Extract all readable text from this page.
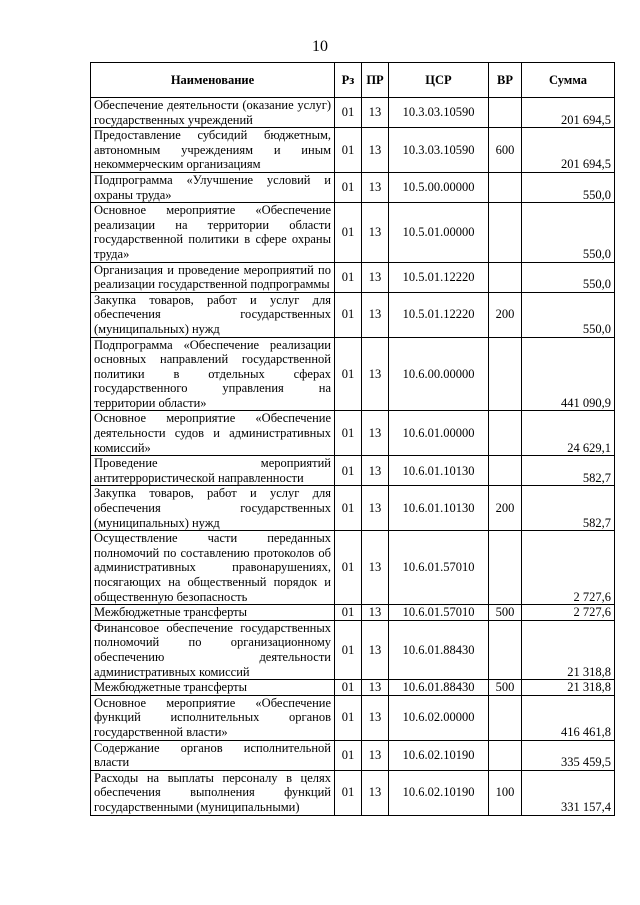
10
Наименование	Рз	ПР	ЦСР	ВР	Сумма
Обеспечение деятельности (оказание услуг) государственных учреждений	01	13	10.3.03.10590		201 694,5
Предоставление субсидий бюджетным, автономным учреждениям и иным некоммерческим организациям	01	13	10.3.03.10590	600	201 694,5
Подпрограмма «Улучшение условий и охраны труда»	01	13	10.5.00.00000		550,0
Основное мероприятие «Обеспечение реализации на территории области государственной политики в сфере охраны труда»	01	13	10.5.01.00000		550,0
Организация и проведение мероприятий по реализации государственной подпрограммы	01	13	10.5.01.12220		550,0
Закупка товаров, работ и услуг для обеспечения государственных (муниципальных) нужд	01	13	10.5.01.12220	200	550,0
Подпрограмма «Обеспечение реализации основных направлений государственной политики в отдельных сферах государственного управления на территории области»	01	13	10.6.00.00000		441 090,9
Основное мероприятие «Обеспечение деятельности судов и административных комиссий»	01	13	10.6.01.00000		24 629,1
Проведение мероприятий антитеррористической направленности	01	13	10.6.01.10130		582,7
Закупка товаров, работ и услуг для обеспечения государственных (муниципальных) нужд	01	13	10.6.01.10130	200	582,7
Осуществление части переданных полномочий по составлению протоколов об административных правонарушениях, посягающих на общественный порядок и общественную безопасность	01	13	10.6.01.57010		2 727,6
Межбюджетные трансферты	01	13	10.6.01.57010	500	2 727,6
Финансовое обеспечение государственных полномочий по организационному обеспечению деятельности административных комиссий	01	13	10.6.01.88430		21 318,8
Межбюджетные трансферты	01	13	10.6.01.88430	500	21 318,8
Основное мероприятие «Обеспечение функций исполнительных органов государственной власти»	01	13	10.6.02.00000		416 461,8
Содержание органов исполнительной власти	01	13	10.6.02.10190		335 459,5
Расходы на выплаты персоналу в целях обеспечения выполнения функций государственными (муниципальными)	01	13	10.6.02.10190	100	331 157,4
